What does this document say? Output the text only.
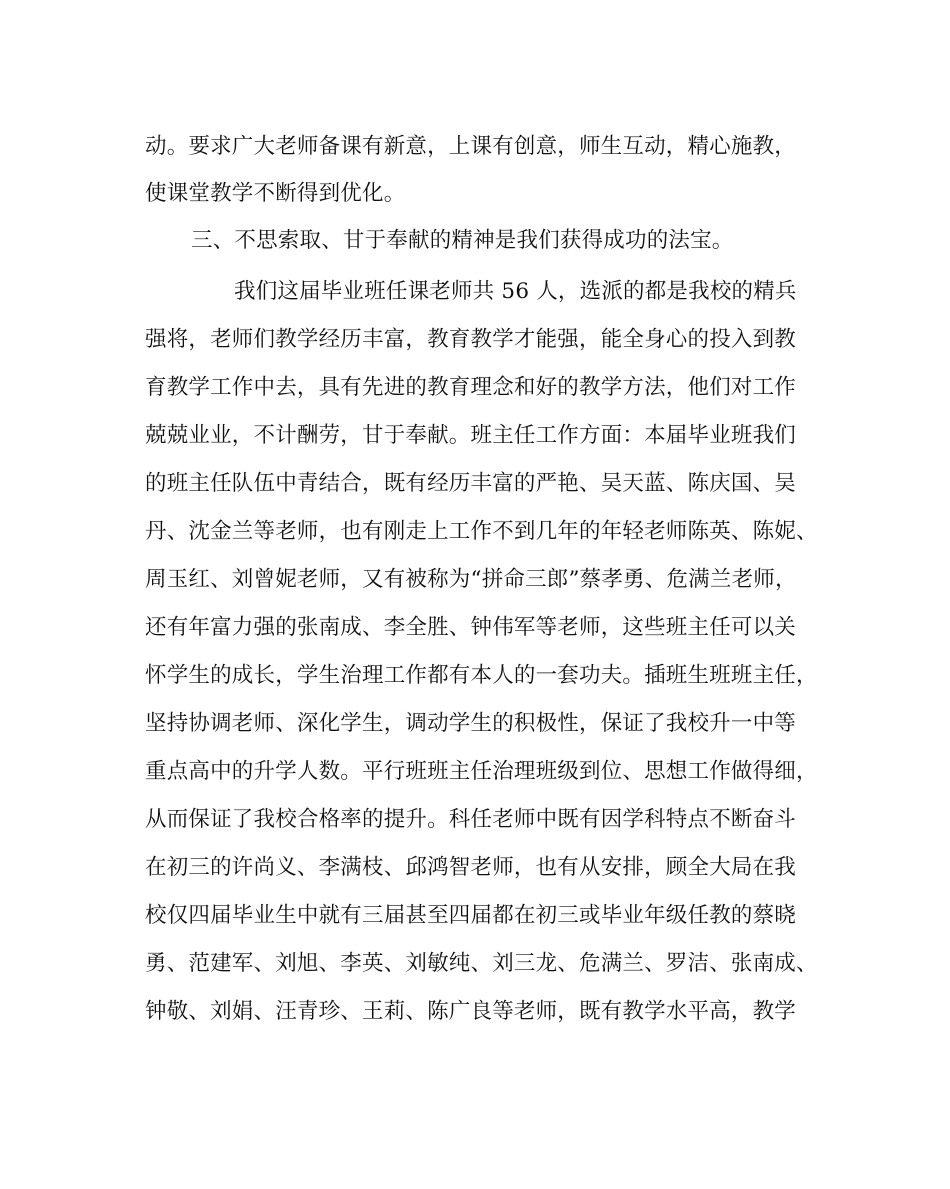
动。要求广大老师备课有新意，上课有创意，师生互动，精心施教，
使课堂教学不断得到优化。
三、不思索取、甘于奉献的精神是我们获得成功的法宝。
我们这届毕业班任课老师共 56 人，选派的都是我校的精兵
强将，老师们教学经历丰富，教育教学才能强，能全身心的投入到教
育教学工作中去，具有先进的教育理念和好的教学方法，他们对工作
兢兢业业，不计酬劳，甘于奉献。班主任工作方面：本届毕业班我们
的班主任队伍中青结合，既有经历丰富的严艳、吴天蓝、陈庆国、吴
丹、沈金兰等老师，也有刚走上工作不到几年的年轻老师陈英、陈妮、
周玉红、刘曾妮老师，又有被称为“拼命三郎”蔡孝勇、危满兰老师，
还有年富力强的张南成、李全胜、钟伟军等老师，这些班主任可以关
怀学生的成长，学生治理工作都有本人的一套功夫。插班生班班主任，
坚持协调老师、深化学生，调动学生的积极性，保证了我校升一中等
重点高中的升学人数。平行班班主任治理班级到位、思想工作做得细，
从而保证了我校合格率的提升。科任老师中既有因学科特点不断奋斗
在初三的许尚义、李满枝、邱鸿智老师，也有从安排，顾全大局在我
校仅四届毕业生中就有三届甚至四届都在初三或毕业年级任教的蔡晓
勇、范建军、刘旭、李英、刘敏纯、刘三龙、危满兰、罗洁、张南成、
钟敬、刘娟、汪青珍、王莉、陈广良等老师，既有教学水平高，教学
